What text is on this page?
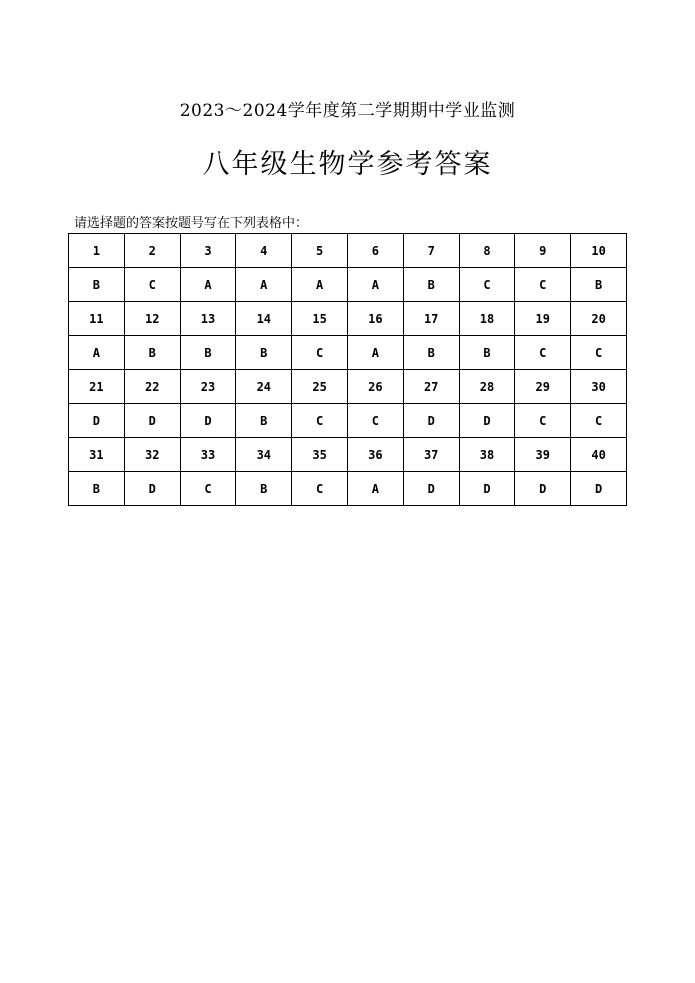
2023～2024学年度第二学期期中学业监测
八年级生物学参考答案
请选择题的答案按题号写在下列表格中：
1	2	3	4	5	6	7	8	9	10
B	C	A	A	A	A	B	C	C	B
11	12	13	14	15	16	17	18	19	20
A	B	B	B	C	A	B	B	C	C
21	22	23	24	25	26	27	28	29	30
D	D	D	B	C	C	D	D	C	C
31	32	33	34	35	36	37	38	39	40
B	D	C	B	C	A	D	D	D	D
